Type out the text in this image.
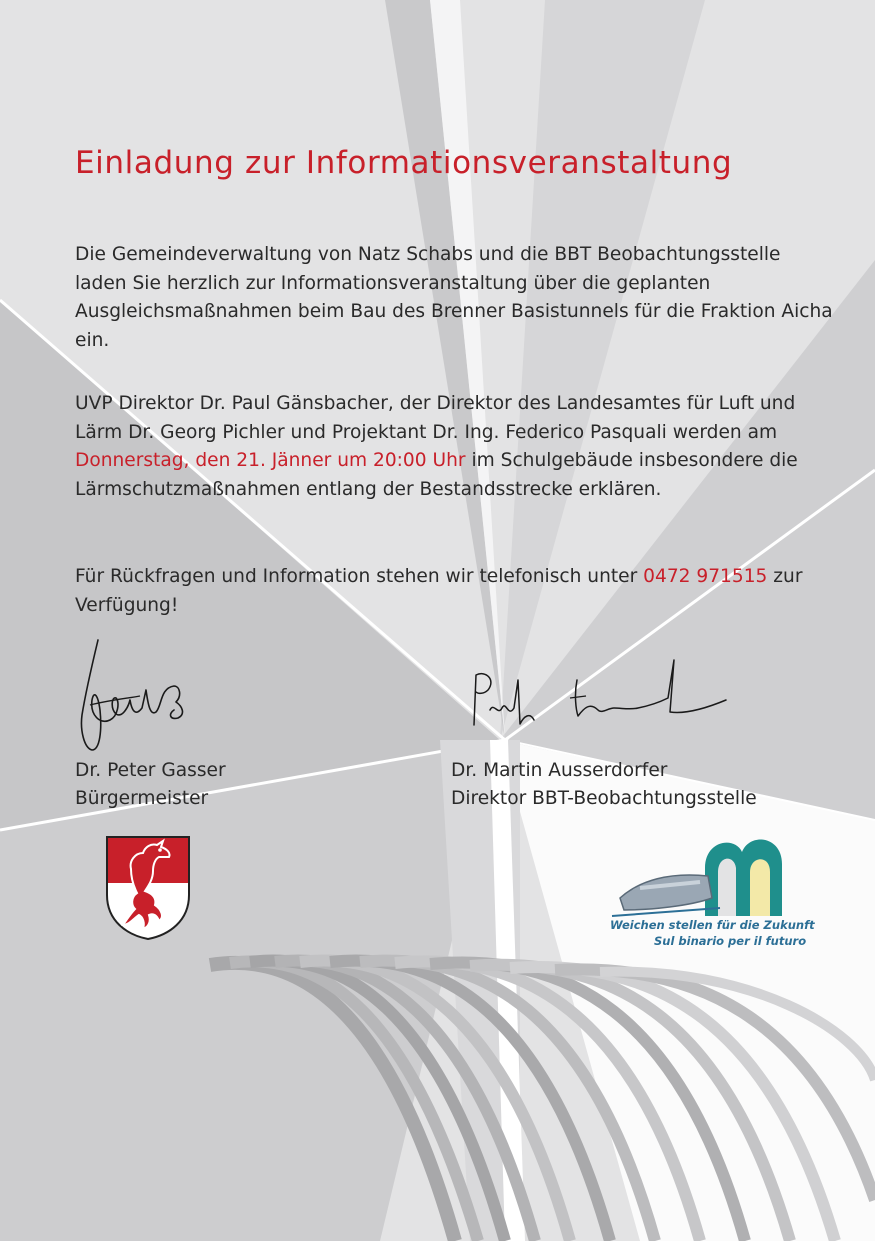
Einladung zur Informationsveranstaltung

Die Gemeindeverwaltung von Natz Schabs und die BBT Beobachtungsstelle laden Sie herzlich zur Informationsveranstaltung über die geplanten Ausgleichsmaßnahmen beim Bau des Brenner Basistunnels für die Fraktion Aicha ein.

UVP Direktor Dr. Paul Gänsbacher, der Direktor des Landesamtes für Luft und Lärm Dr. Georg Pichler und Projektant Dr. Ing. Federico Pasquali werden am Donnerstag, den 21. Jänner um 20:00 Uhr im Schulgebäude insbesondere die Lärmschutzmaßnahmen entlang der Bestandsstrecke erklären.

Für Rückfragen und Information stehen wir telefonisch unter 0472 971515 zur Verfügung!

Dr. Peter Gasser
Bürgermeister
Dr. Martin Ausserdorfer
Direktor BBT-Beobachtungsstelle
Weichen stellen für die Zukunft
Sul binario per il futuro
